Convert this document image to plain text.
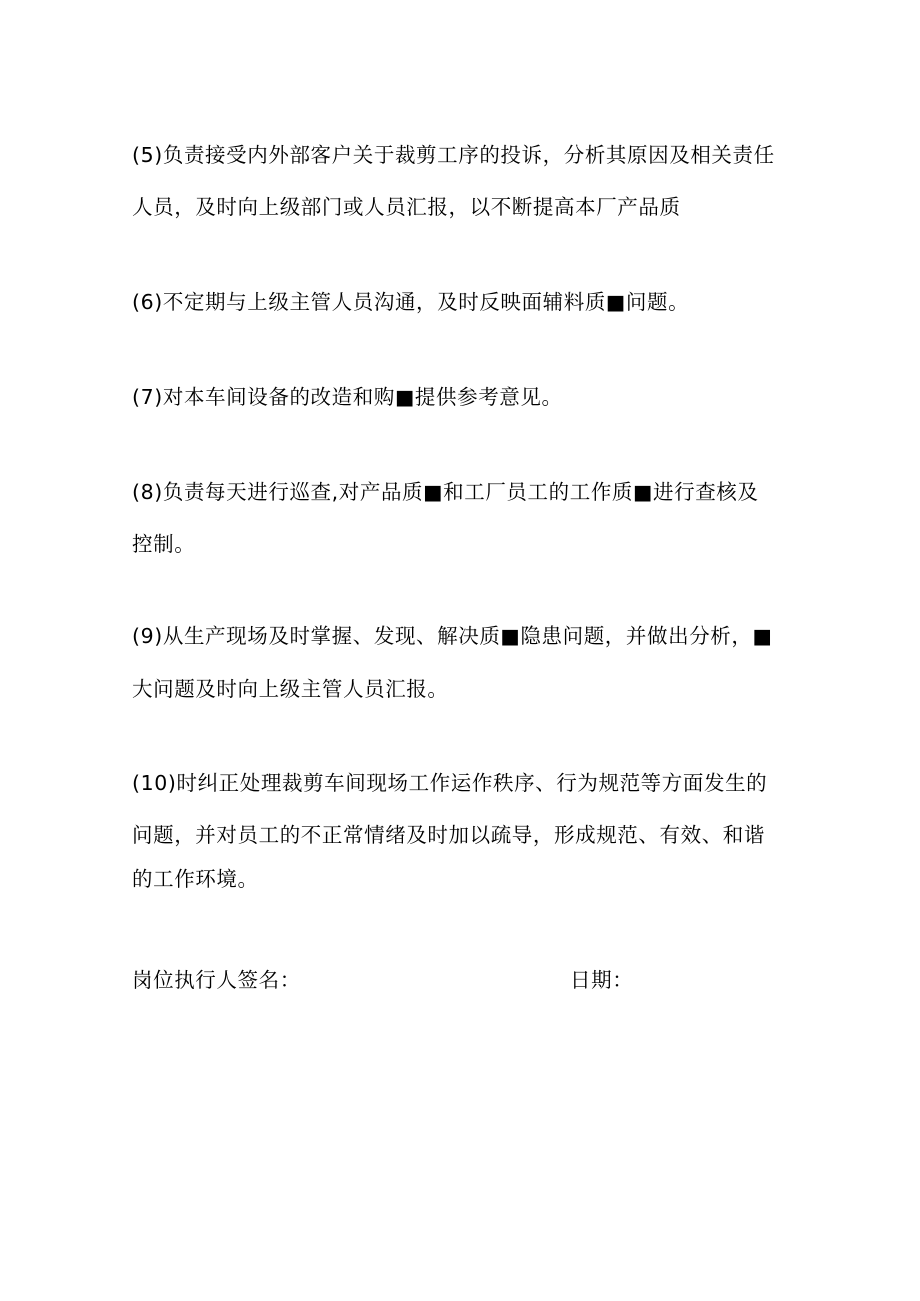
(5)负责接受内外部客户关于裁剪工序的投诉，分析其原因及相关责任
人员，及时向上级部门或人员汇报，以不断提高本厂产品质
(6)不定期与上级主管人员沟通，及时反映面辅料质■问题。
(7)对本车间设备的改造和购■提供参考意见。
(8)负责每天进行巡查,对产品质■和工厂员工的工作质■进行查核及
控制。
(9)从生产现场及时掌握、发现、解决质■隐患问题，并做出分析，■
大问题及时向上级主管人员汇报。
(10)时纠正处理裁剪车间现场工作运作秩序、行为规范等方面发生的
问题，并对员工的不正常情绪及时加以疏导，形成规范、有效、和谐
的工作环境。
岗位执行人签名：	日期：
